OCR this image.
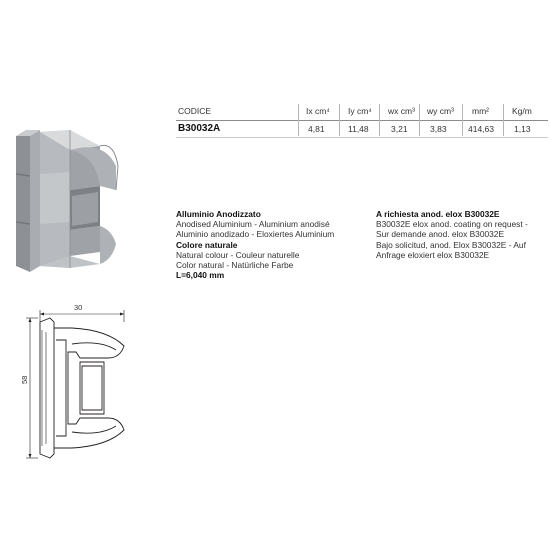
CODICE	Ix cm⁴ Iy cm⁴ wx cm³ wy cm³ mm²	Kg/m
B30032A	4,81	11,48	3,21	3,83	414,63 1,13
Alluminio Anodizzato
Anodised Aluminium - Aluminium anodisé
Aluminio anodizado - Eloxiertes Aluminium
Colore naturale
Natural colour - Couleur naturelle
Color natural - Natürliche Farbe
L=6,040 mm
A richiesta anod. elox B30032E
B30032E elox anod. coating on request -
Sur demande anod. elox B30032E
Bajo solicitud, anod. Elox B30032E - Auf
Anfrage eloxiert elox B30032E
30
58
